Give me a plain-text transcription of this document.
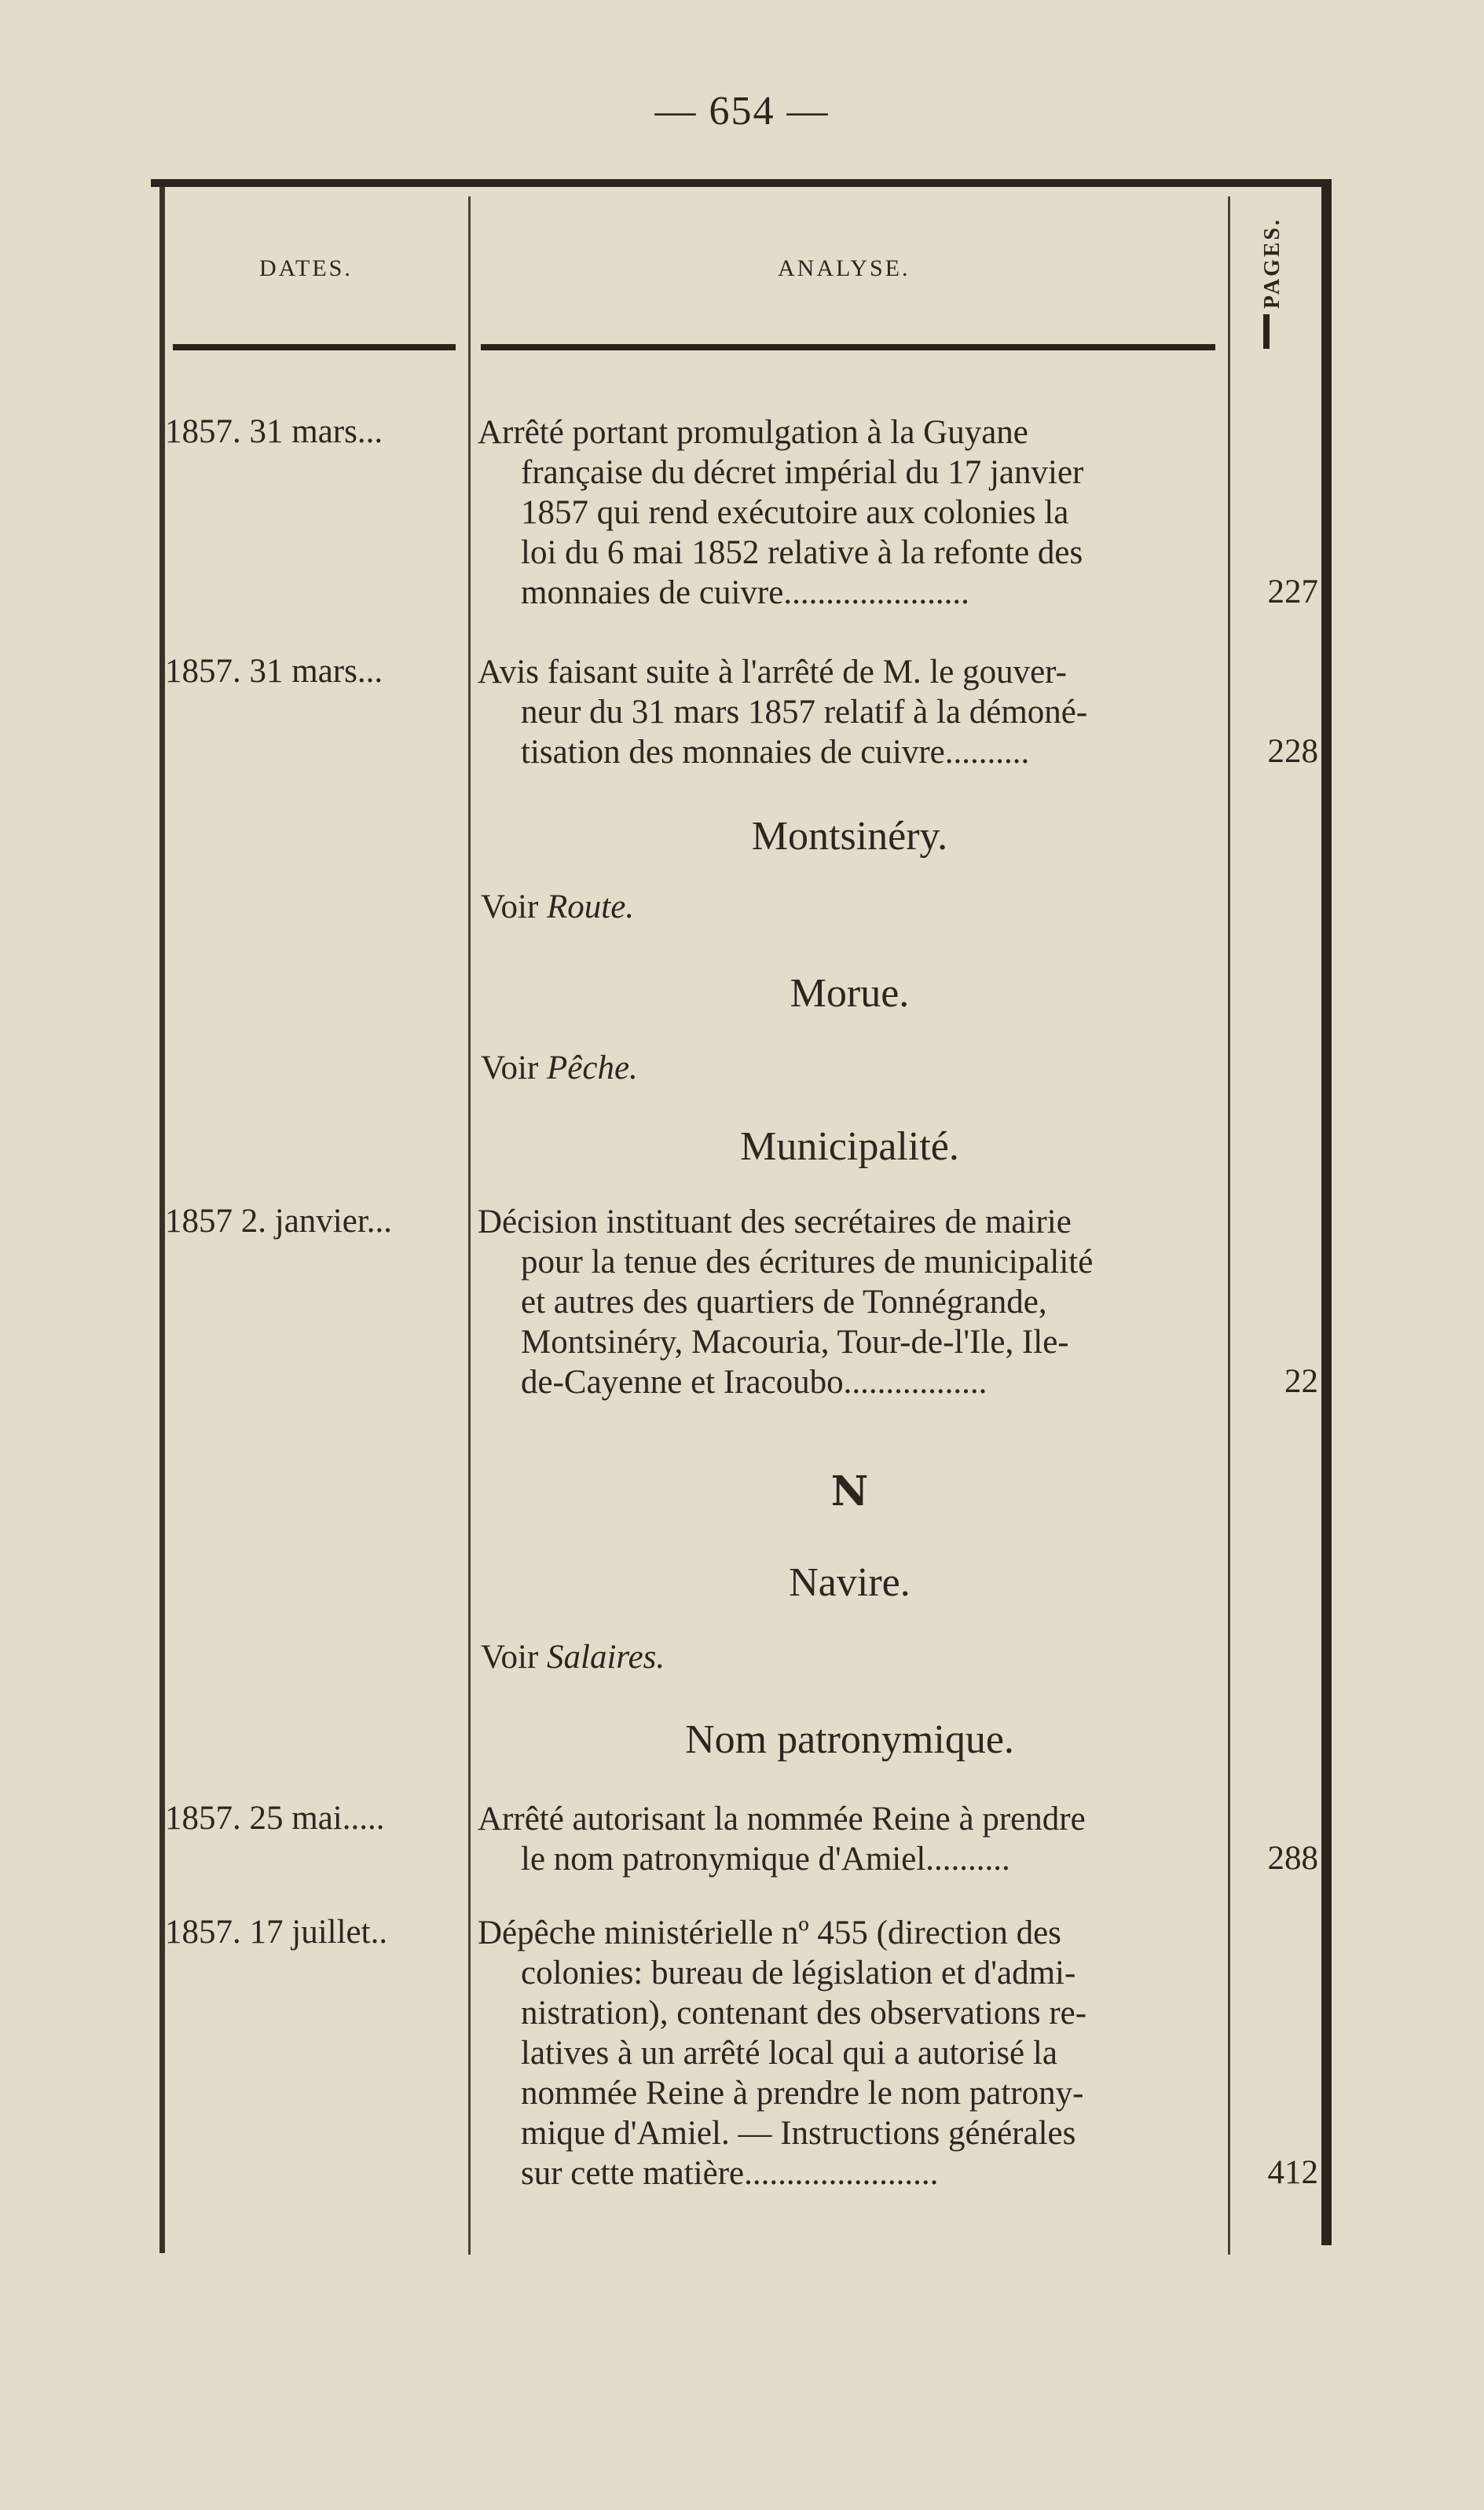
— 654 —
DATES.	ANALYSE.	PAGES.
1857. 31 mars...	Arrêté portant promulgation à la Guyane
française du décret impérial du 17 janvier
1857 qui rend exécutoire aux colonies la
loi du 6 mai 1852 relative à la refonte des
monnaies de cuivre......................	227
1857. 31 mars...	Avis faisant suite à l'arrêté de M. le gouver-
neur du 31 mars 1857 relatif à la démoné-
tisation des monnaies de cuivre..........	228
Montsinéry.
Voir Route.
Morue.
Voir Pêche.
Municipalité.
1857 2. janvier...	Décision instituant des secrétaires de mairie
pour la tenue des écritures de municipalité
et autres des quartiers de Tonnégrande,
Montsinéry, Macouria, Tour-de-l'Ile, Ile-
de-Cayenne et Iracoubo.................	22
N
Navire.
Voir Salaires.
Nom patronymique.
1857. 25 mai.....	Arrêté autorisant la nommée Reine à prendre
le nom patronymique d'Amiel..........	288
1857. 17 juillet..	Dépêche ministérielle nº 455 (direction des
colonies: bureau de législation et d'admi-
nistration), contenant des observations re-
latives à un arrêté local qui a autorisé la
nommée Reine à prendre le nom patrony-
mique d'Amiel. — Instructions générales
sur cette matière.......................	412
